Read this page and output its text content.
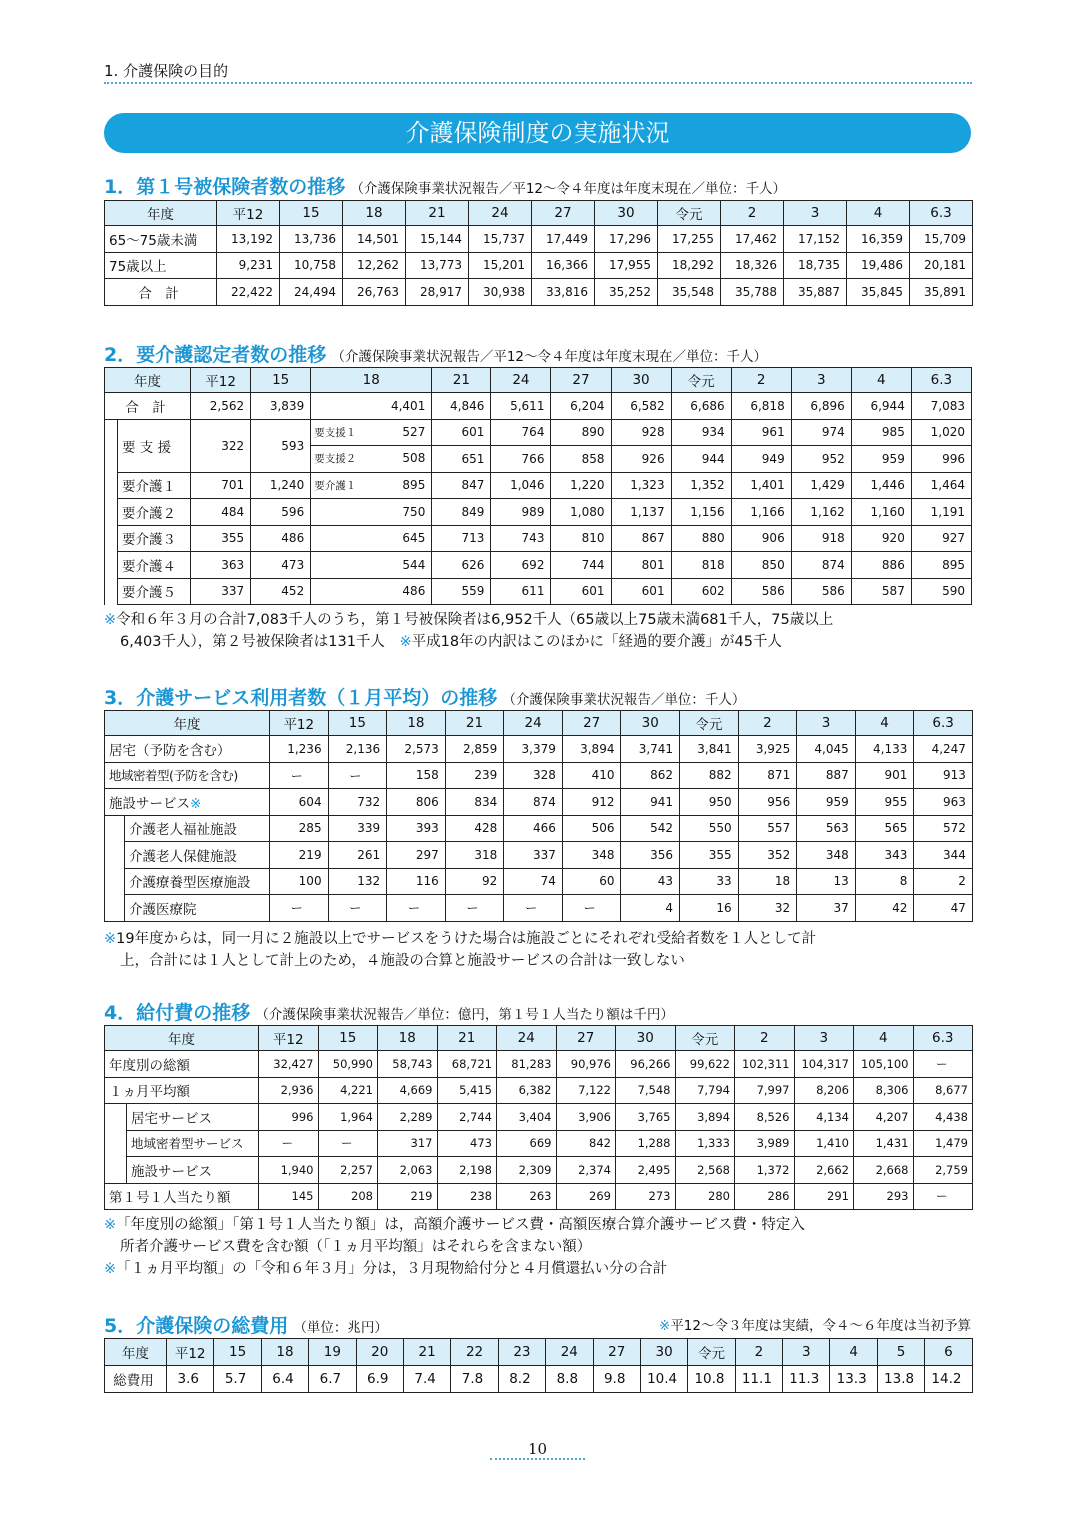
1. 介護保険の目的
介護保険制度の実施状況
1．第１号被保険者数の推移 （介護保険事業状況報告／平12〜令４年度は年度末現在／単位：千人）
年度	平12	15	18	21	24	27	30	令元	2	3	4	6.3
65〜75歳未満	13,192	13,736	14,501	15,144	15,737	17,449	17,296	17,255	17,462	17,152	16,359	15,709
75歳以上	9,231	10,758	12,262	13,773	15,201	16,366	17,955	18,292	18,326	18,735	19,486	20,181
合　計	22,422	24,494	26,763	28,917	30,938	33,816	35,252	35,548	35,788	35,887	35,845	35,891
2．要介護認定者数の推移 （介護保険事業状況報告／平12〜令４年度は年度末現在／単位：千人）
年度		平12	15	18	21	24	27	30	令元	2	3	4	6.3
合　計		2,562	3,839	4,401	4,846	5,611	6,204	6,582	6,686	6,818	6,896	6,944	7,083
	要 支 援	322	593	要支援１ 527	601	764	890	928	934	961	974	985	1,020

				要支援２ 508	651	766	858	926	944	949	952	959	996
	要介護１	701	1,240	要介護１ 895	847	1,046	1,220	1,323	1,352	1,401	1,429	1,446	1,464
	要介護２	484	596	750	849	989	1,080	1,137	1,156	1,166	1,162	1,160	1,191
	要介護３	355	486	645	713	743	810	867	880	906	918	920	927
	要介護４	363	473	544	626	692	744	801	818	850	874	886	895
	要介護５	337	452	486	559	611	601	601	602	586	586	587	590
※令和６年３月の合計7,083千人のうち，第１号被保険者は6,952千人（65歳以上75歳未満681千人，75歳以上
6,403千人），第２号被保険者は131千人　※平成18年の内訳はこのほかに「経過的要介護」が45千人
3．介護サービス利用者数（１月平均）の推移 （介護保険事業状況報告／単位：千人）
年度		平12	15	18	21	24	27	30	令元	2	3	4	6.3
居宅（予防を含む）		1,236	2,136	2,573	2,859	3,379	3,894	3,741	3,841	3,925	4,045	4,133	4,247
地域密着型(予防を含む)		ー	ー	158	239	328	410	862	882	871	887	901	913
施設サービス※		604	732	806	834	874	912	941	950	956	959	955	963
	介護老人福祉施設	285	339	393	428	466	506	542	550	557	563	565	572
	介護老人保健施設	219	261	297	318	337	348	356	355	352	348	343	344
	介護療養型医療施設	100	132	116	92	74	60	43	33	18	13	8	2
	介護医療院	ー	ー	ー	ー	ー	ー	4	16	32	37	42	47
※19年度からは，同一月に２施設以上でサービスをうけた場合は施設ごとにそれぞれ受給者数を１人として計
上，合計には１人として計上のため，４施設の合算と施設サービスの合計は一致しない
4．給付費の推移 （介護保険事業状況報告／単位：億円，第１号１人当たり額は千円）
年度		平12	15	18	21	24	27	30	令元	2	3	4	6.3
年度別の総額		32,427	50,990	58,743	68,721	81,283	90,976	96,266	99,622	102,311	104,317	105,100	ー
１ヵ月平均額		2,936	4,221	4,669	5,415	6,382	7,122	7,548	7,794	7,997	8,206	8,306	8,677
	居宅サービス	996	1,964	2,289	2,744	3,404	3,906	3,765	3,894	8,526	4,134	4,207	4,438
	地域密着型サービス	ー	ー	317	473	669	842	1,288	1,333	3,989	1,410	1,431	1,479
	施設サービス	1,940	2,257	2,063	2,198	2,309	2,374	2,495	2,568	1,372	2,662	2,668	2,759
第１号１人当たり額		145	208	219	238	263	269	273	280	286	291	293	ー
※「年度別の総額」「第１号１人当たり額」は，高額介護サービス費・高額医療合算介護サービス費・特定入
所者介護サービス費を含む額（「１ヵ月平均額」はそれらを含まない額）
※「１ヵ月平均額」の「令和６年３月」分は，３月現物給付分と４月償還払い分の合計
5．介護保険の総費用 （単位：兆円）	※平12〜令３年度は実績，令４〜６年度は当初予算
年度	平12	15	18	19	20	21	22	23	24	27	30	令元	2	3	4	5	6
総費用	3.6	5.7	6.4	6.7	6.9	7.4	7.8	8.2	8.8	9.8	10.4	10.8	11.1	11.3	13.3	13.8	14.2
10
